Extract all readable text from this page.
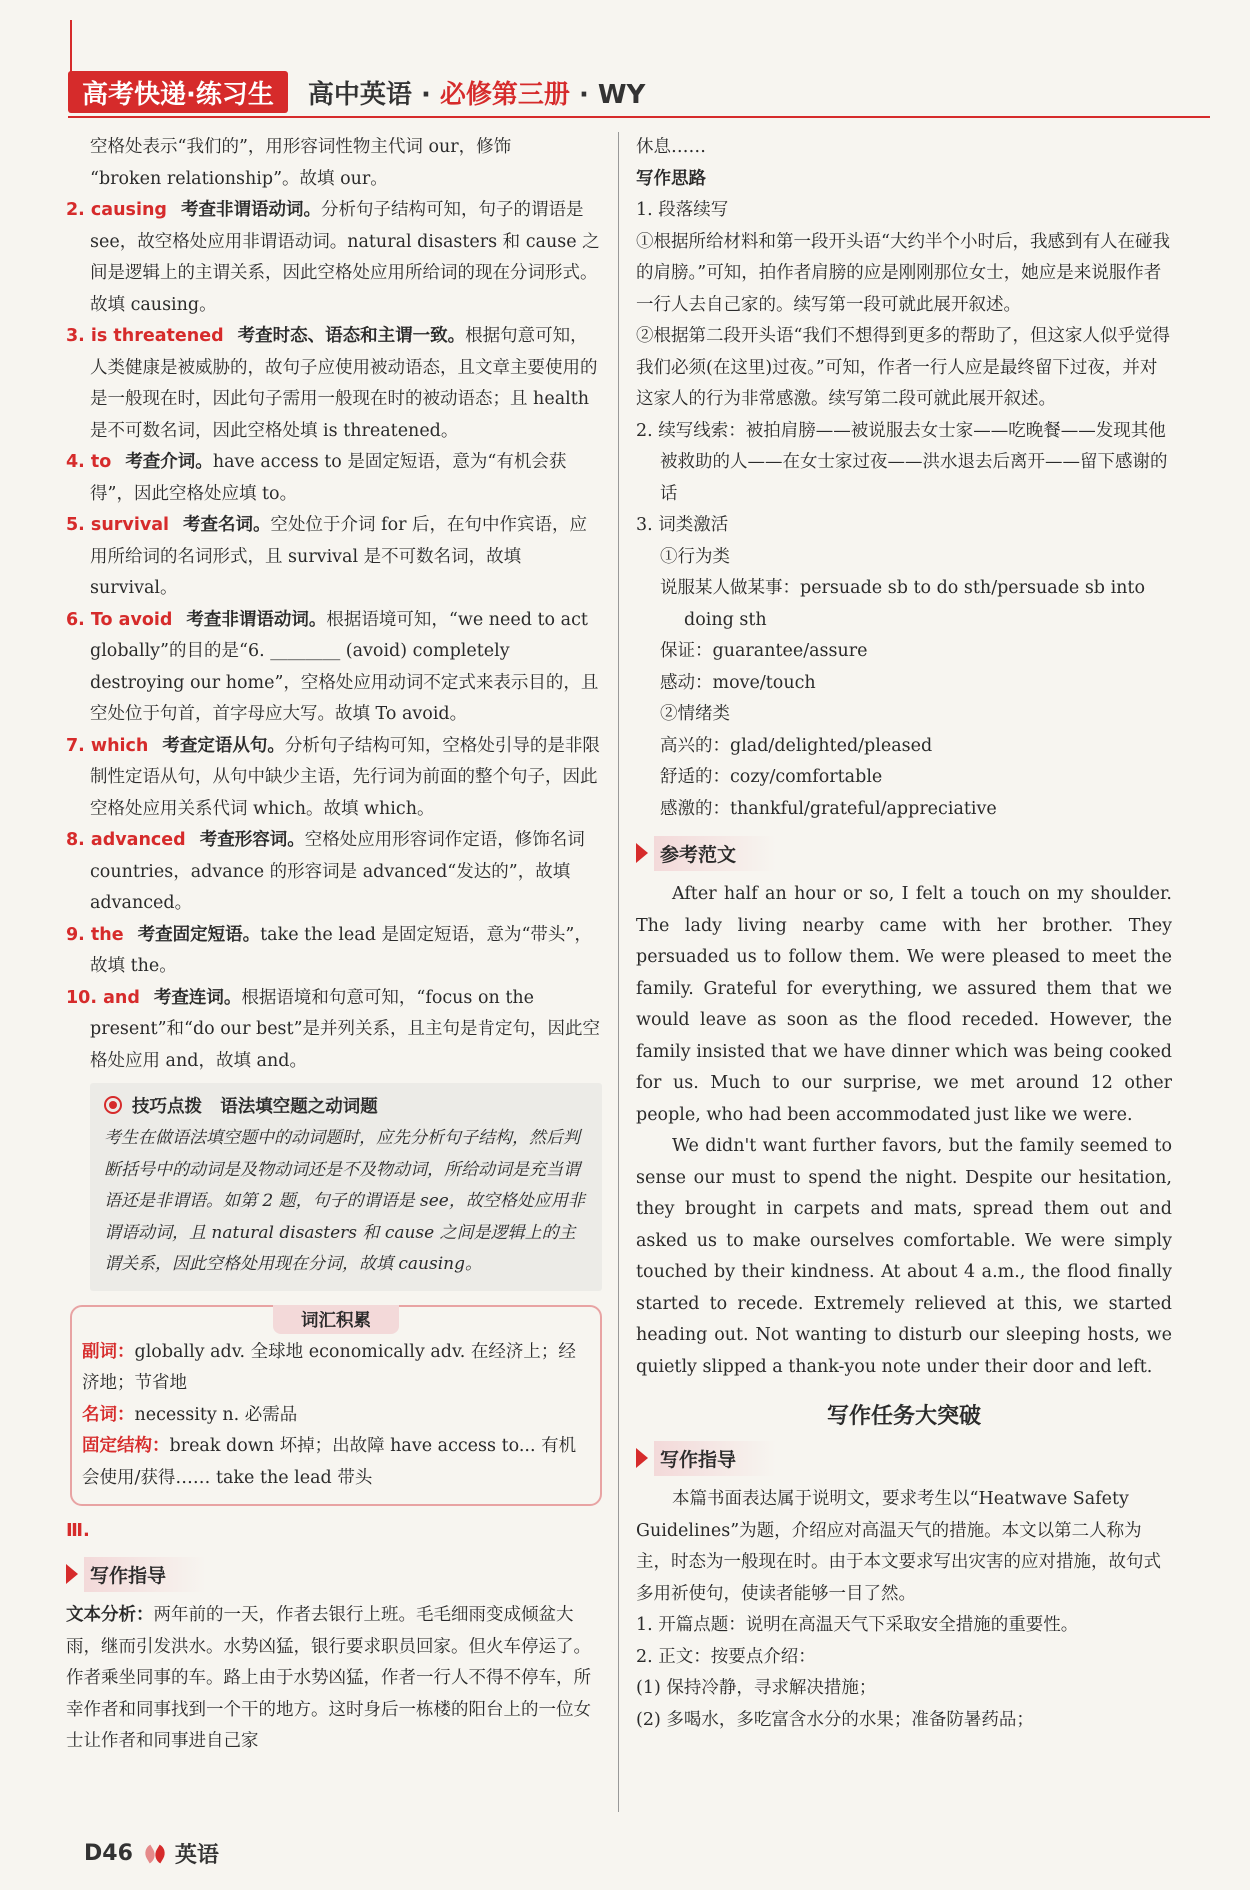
高考快递·练习生	高中英语 · 必修第三册 · WY

空格处表示“我们的”，用形容词性物主代词 our，修饰

“broken relationship”。故填 our。

2. causing 考查非谓语动词。分析句子结构可知，句子的谓语是 see，故空格处应用非谓语动词。natural disasters 和 cause 之间是逻辑上的主谓关系，因此空格处应用所给词的现在分词形式。故填 causing。
3. is threatened 考查时态、语态和主谓一致。根据句意可知，人类健康是被威胁的，故句子应使用被动语态，且文章主要使用的是一般现在时，因此句子需用一般现在时的被动语态；且 health 是不可数名词，因此空格处填 is threatened。
4. to 考查介词。have access to 是固定短语，意为“有机会获得”，因此空格处应填 to。
5. survival 考查名词。空处位于介词 for 后，在句中作宾语，应用所给词的名词形式，且 survival 是不可数名词，故填 survival。
6. To avoid 考查非谓语动词。根据语境可知，“we need to act globally”的目的是“6. ________ (avoid) completely destroying our home”，空格处应用动词不定式来表示目的，且空处位于句首，首字母应大写。故填 To avoid。
7. which 考查定语从句。分析句子结构可知，空格处引导的是非限制性定语从句，从句中缺少主语，先行词为前面的整个句子，因此空格处应用关系代词 which。故填 which。
8. advanced 考查形容词。空格处应用形容词作定语，修饰名词 countries，advance 的形容词是 advanced“发达的”，故填 advanced。
9. the 考查固定短语。take the lead 是固定短语，意为“带头”，故填 the。
10. and 考查连词。根据语境和句意可知，“focus on the present”和“do our best”是并列关系，且主句是肯定句，因此空格处应用 and，故填 and。
技巧点拨 语法填空题之动词题
考生在做语法填空题中的动词题时，应先分析句子结构，然后判断括号中的动词是及物动词还是不及物动词，所给动词是充当谓语还是非谓语。如第 2 题，句子的谓语是 see，故空格处应用非谓语动词，且 natural disasters 和 cause 之间是逻辑上的主谓关系，因此空格处用现在分词，故填 causing。
词汇积累

副词：globally adv. 全球地 economically adv. 在经济上；经济地；节省地

名词：necessity n. 必需品

固定结构：break down 坏掉；出故障 have access to... 有机会使用/获得…… take the lead 带头

Ⅲ.
写作指导

文本分析：两年前的一天，作者去银行上班。毛毛细雨变成倾盆大雨，继而引发洪水。水势凶猛，银行要求职员回家。但火车停运了。作者乘坐同事的车。路上由于水势凶猛，作者一行人不得不停车，所幸作者和同事找到一个干的地方。这时身后一栋楼的阳台上的一位女士让作者和同事进自己家

休息……

写作思路

1. 段落续写

①根据所给材料和第一段开头语“大约半个小时后，我感到有人在碰我的肩膀。”可知，拍作者肩膀的应是刚刚那位女士，她应是来说服作者一行人去自己家的。续写第一段可就此展开叙述。

②根据第二段开头语“我们不想得到更多的帮助了，但这家人似乎觉得我们必须(在这里)过夜。”可知，作者一行人应是最终留下过夜，并对这家人的行为非常感激。续写第二段可就此展开叙述。

2. 续写线索：被拍肩膀——被说服去女士家——吃晚餐——发现其他被救助的人——在女士家过夜——洪水退去后离开——留下感谢的话

3. 词类激活

①行为类

说服某人做某事：persuade sb to do sth/persuade sb into doing sth

保证：guarantee/assure

感动：move/touch

②情绪类

高兴的：glad/delighted/pleased

舒适的：cozy/comfortable

感激的：thankful/grateful/appreciative

参考范文

After half an hour or so, I felt a touch on my shoulder. The lady living nearby came with her brother. They persuaded us to follow them. We were pleased to meet the family. Grateful for everything, we assured them that we would leave as soon as the flood receded. However, the family insisted that we have dinner which was being cooked for us. Much to our surprise, we met around 12 other people, who had been accommodated just like we were.

We didn't want further favors, but the family seemed to sense our must to spend the night. Despite our hesitation, they brought in carpets and mats, spread them out and asked us to make ourselves comfortable. We were simply touched by their kindness. At about 4 a.m., the flood finally started to recede. Extremely relieved at this, we started heading out. Not wanting to disturb our sleeping hosts, we quietly slipped a thank-you note under their door and left.

写作任务大突破
写作指导

本篇书面表达属于说明文，要求考生以“Heatwave Safety Guidelines”为题，介绍应对高温天气的措施。本文以第二人称为主，时态为一般现在时。由于本文要求写出灾害的应对措施，故句式多用祈使句，使读者能够一目了然。

1. 开篇点题：说明在高温天气下采取安全措施的重要性。

2. 正文：按要点介绍：

(1) 保持冷静，寻求解决措施；

(2) 多喝水，多吃富含水分的水果；准备防暑药品；

D46 英语
